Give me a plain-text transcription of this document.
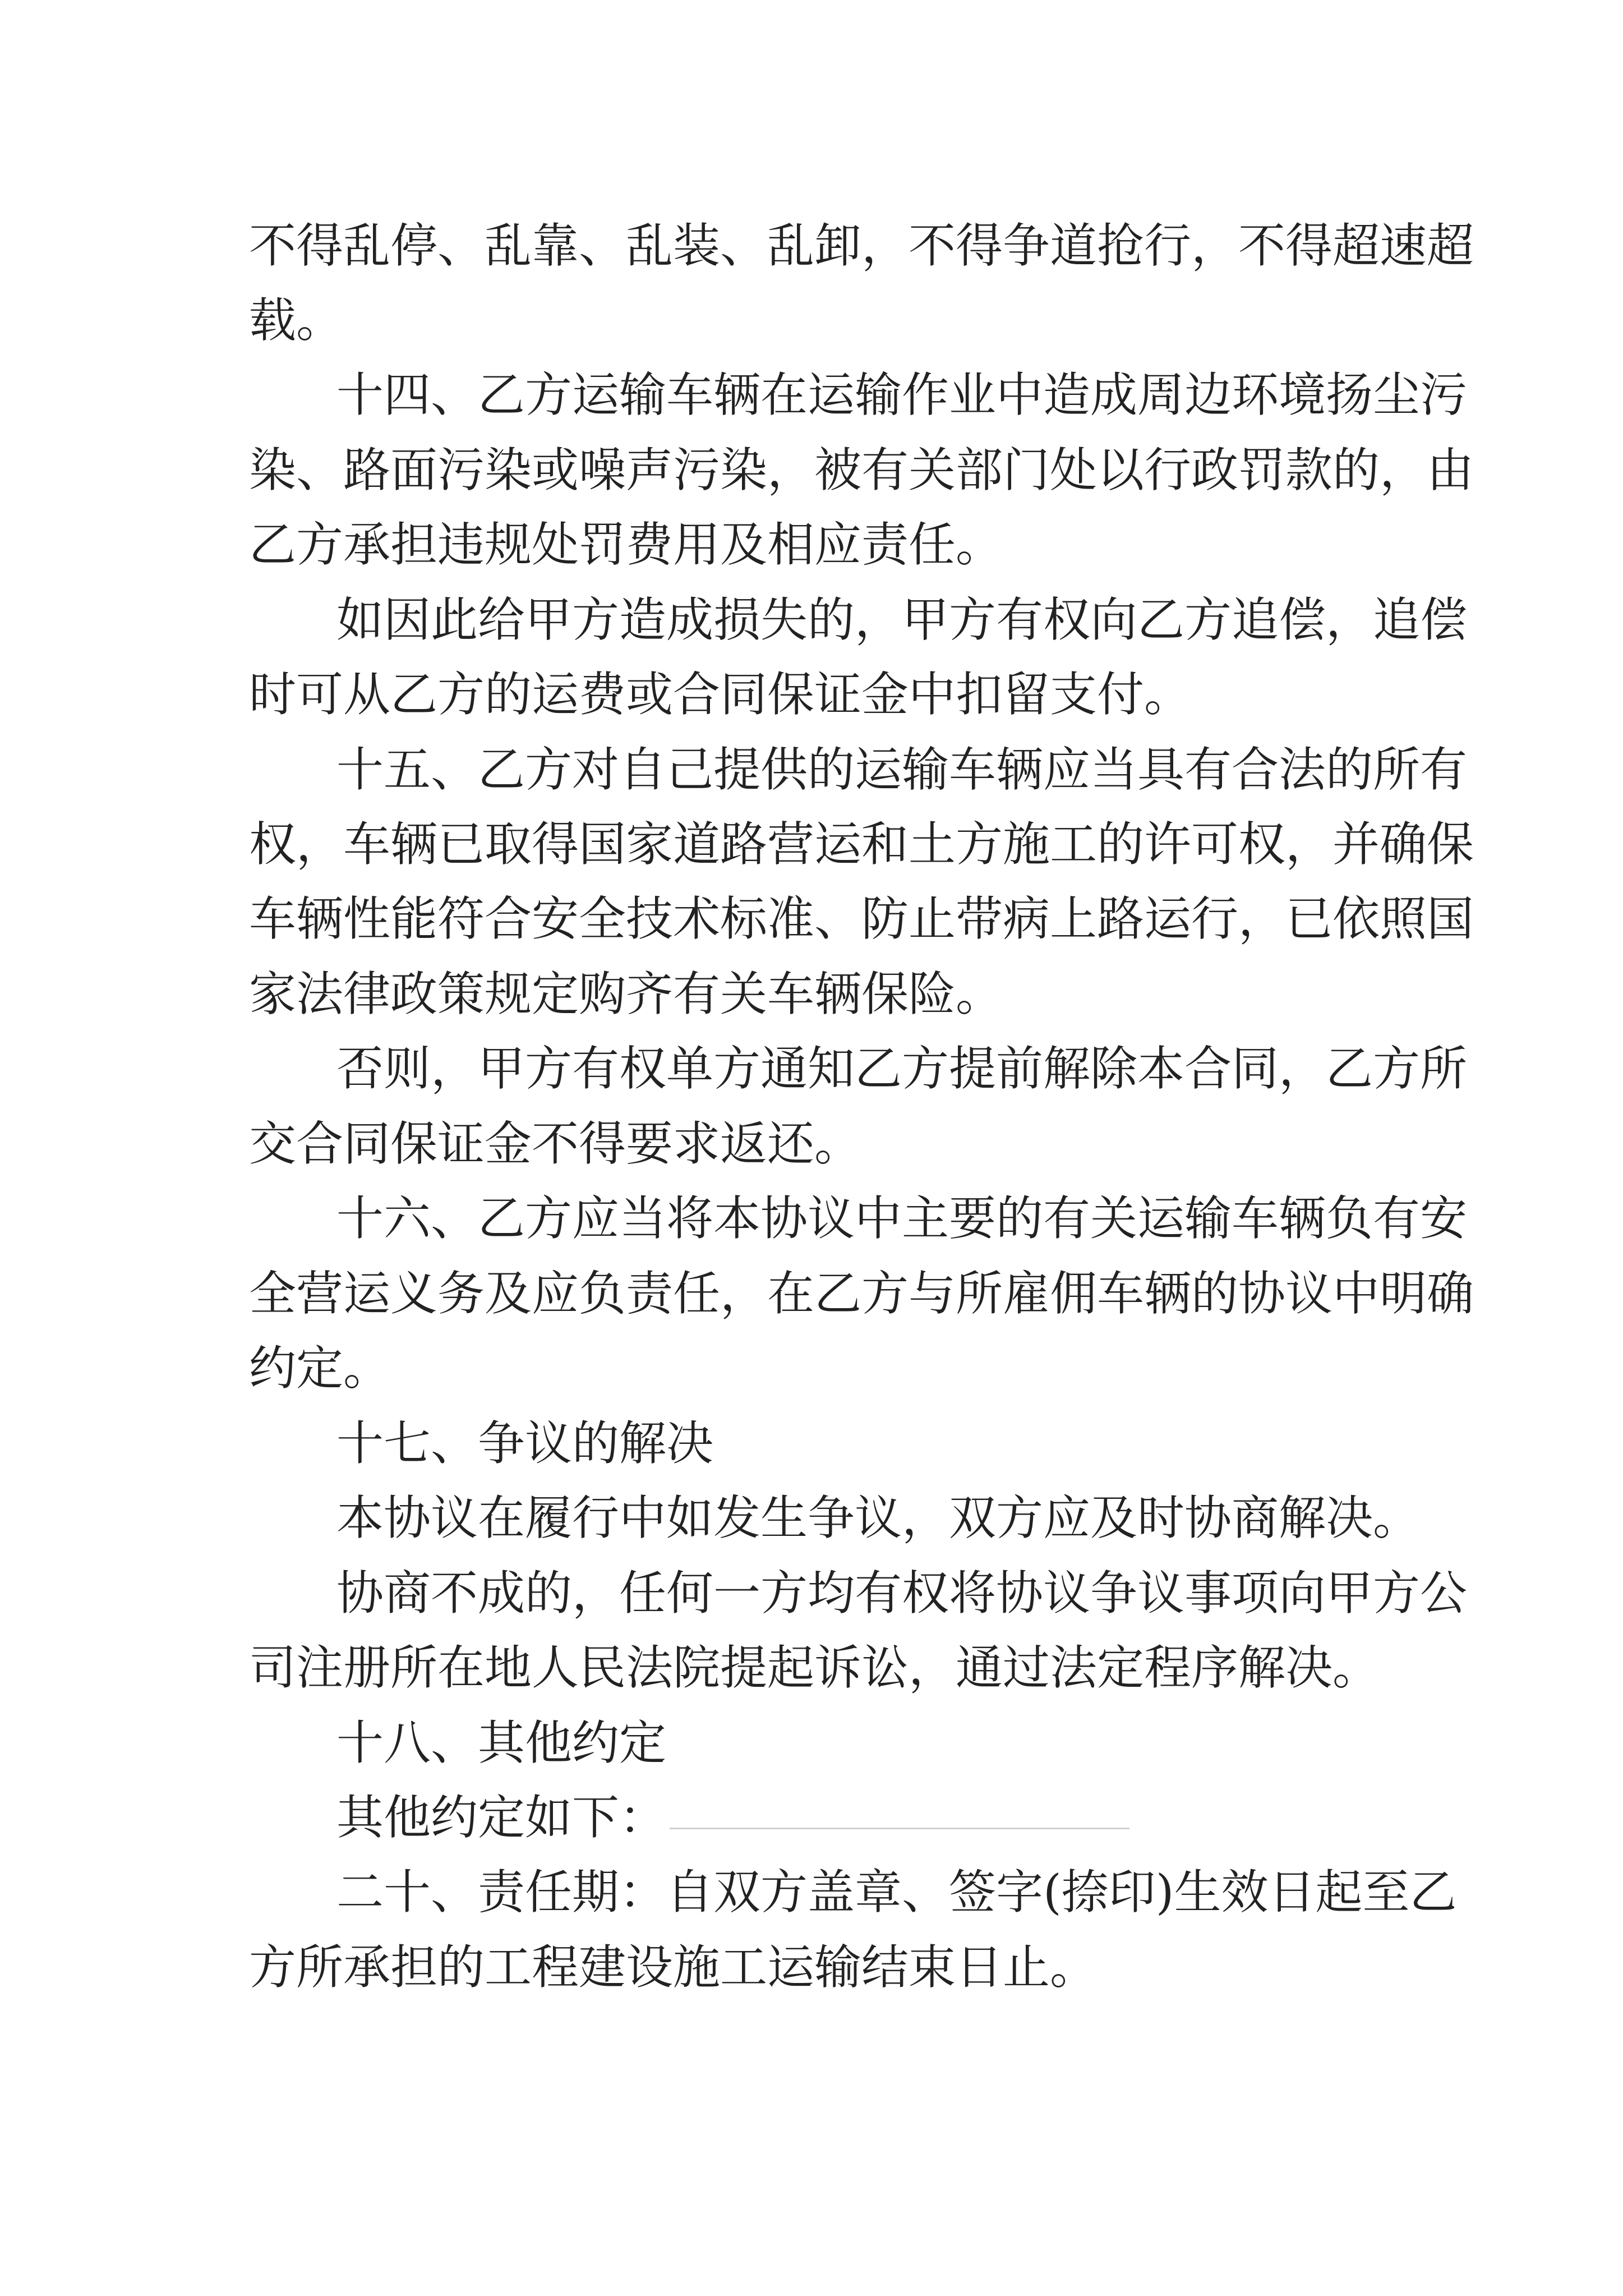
不得乱停、乱靠、乱装、乱卸，不得争道抢行，不得超速超
载。
十四、乙方运输车辆在运输作业中造成周边环境扬尘污
染、路面污染或噪声污染，被有关部门处以行政罚款的，由
乙方承担违规处罚费用及相应责任。
如因此给甲方造成损失的，甲方有权向乙方追偿，追偿
时可从乙方的运费或合同保证金中扣留支付。
十五、乙方对自己提供的运输车辆应当具有合法的所有
权，车辆已取得国家道路营运和土方施工的许可权，并确保
车辆性能符合安全技术标准、防止带病上路运行，已依照国
家法律政策规定购齐有关车辆保险。
否则，甲方有权单方通知乙方提前解除本合同，乙方所
交合同保证金不得要求返还。
十六、乙方应当将本协议中主要的有关运输车辆负有安
全营运义务及应负责任，在乙方与所雇佣车辆的协议中明确
约定。
十七、争议的解决
本协议在履行中如发生争议，双方应及时协商解决。
协商不成的，任何一方均有权将协议争议事项向甲方公
司注册所在地人民法院提起诉讼，通过法定程序解决。
十八、其他约定
其他约定如下：
二十、责任期：自双方盖章、签字(捺印)生效日起至乙
方所承担的工程建设施工运输结束日止。
